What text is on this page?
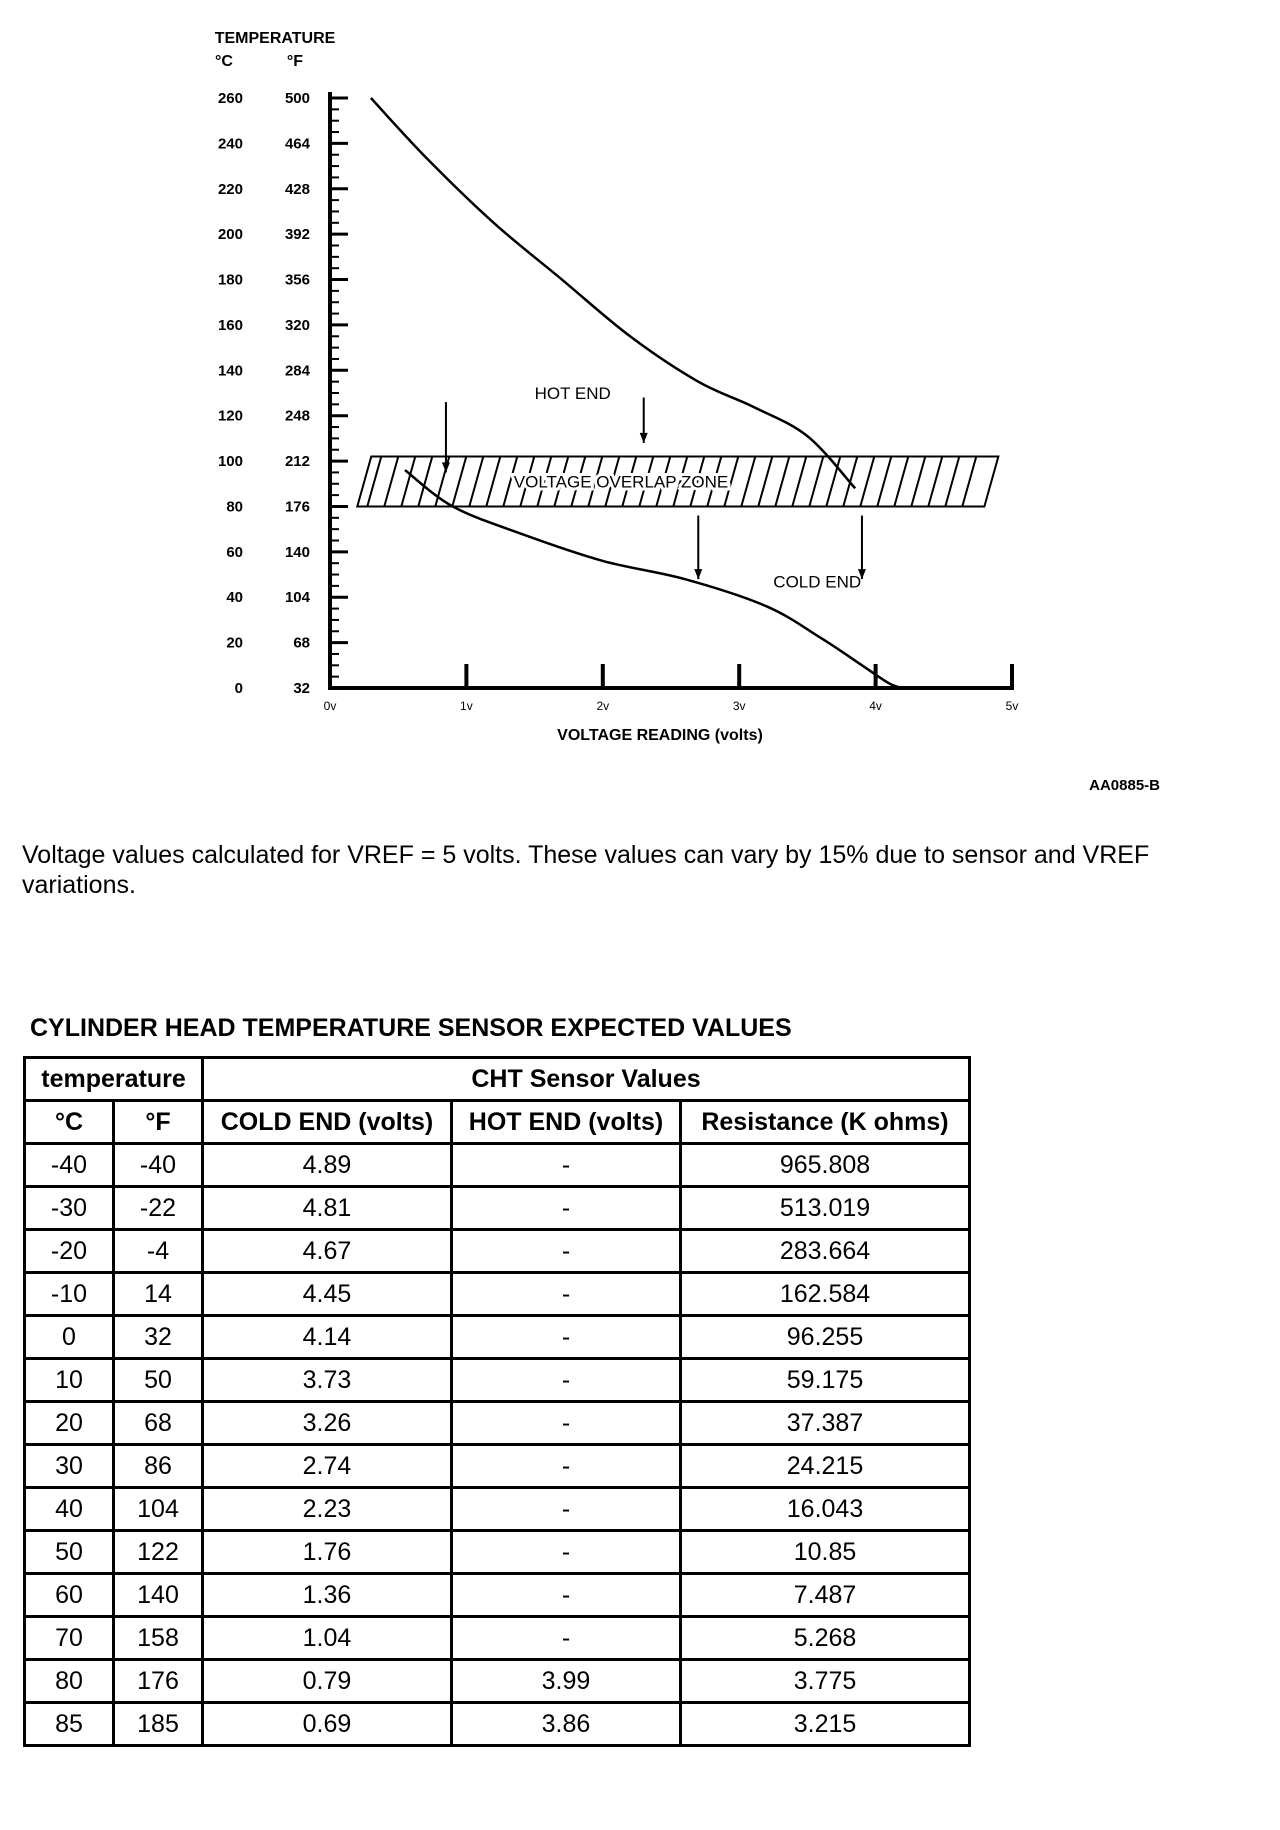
TEMPERATURE
°C	°F
260	500
240	464
220	428
200	392
180	356
160	320
140	284
120	248
100	212
80	176
60	140
40	104
20	68
0	32
0v	1v	2v	3v	4v	5v
VOLTAGE OVERLAP ZONE
HOT END
COLD END
VOLTAGE READING (volts)
AA0885-B
Voltage values calculated for VREF = 5 volts. These values can vary by 15% due to sensor and VREF variations.
CYLINDER HEAD TEMPERATURE SENSOR EXPECTED VALUES
temperature		CHT Sensor Values		
°C	°F	COLD END (volts)	HOT END (volts)	Resistance (K ohms)
-40	-40	4.89	-	965.808
-30	-22	4.81	-	513.019
-20	-4	4.67	-	283.664
-10	14	4.45	-	162.584
0	32	4.14	-	96.255
10	50	3.73	-	59.175
20	68	3.26	-	37.387
30	86	2.74	-	24.215
40	104	2.23	-	16.043
50	122	1.76	-	10.85
60	140	1.36	-	7.487
70	158	1.04	-	5.268
80	176	0.79	3.99	3.775
85	185	0.69	3.86	3.215
